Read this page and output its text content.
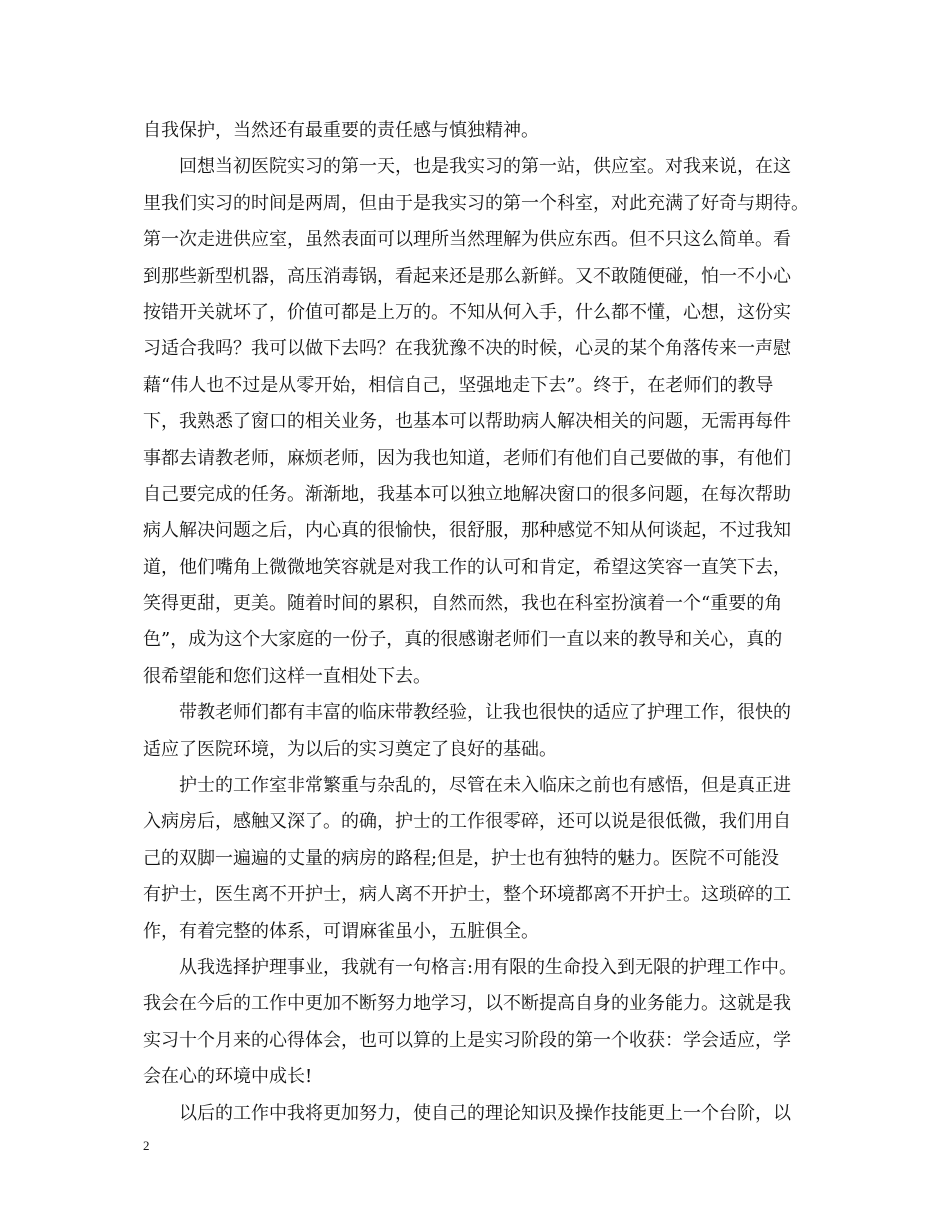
自我保护，当然还有最重要的责任感与慎独精神。
回想当初医院实习的第一天，也是我实习的第一站，供应室。对我来说，在这
里我们实习的时间是两周，但由于是我实习的第一个科室，对此充满了好奇与期待。
第一次走进供应室，虽然表面可以理所当然理解为供应东西。但不只这么简单。看
到那些新型机器，高压消毒锅，看起来还是那么新鲜。又不敢随便碰，怕一不小心
按错开关就坏了，价值可都是上万的。不知从何入手，什么都不懂，心想，这份实
习适合我吗？我可以做下去吗？在我犹豫不决的时候，心灵的某个角落传来一声慰
藉“伟人也不过是从零开始，相信自己，坚强地走下去”。终于，在老师们的教导
下，我熟悉了窗口的相关业务，也基本可以帮助病人解决相关的问题，无需再每件
事都去请教老师，麻烦老师，因为我也知道，老师们有他们自己要做的事，有他们
自己要完成的任务。渐渐地，我基本可以独立地解决窗口的很多问题，在每次帮助
病人解决问题之后，内心真的很愉快，很舒服，那种感觉不知从何谈起，不过我知
道，他们嘴角上微微地笑容就是对我工作的认可和肯定，希望这笑容一直笑下去，
笑得更甜，更美。随着时间的累积，自然而然，我也在科室扮演着一个“重要的角
色”，成为这个大家庭的一份子，真的很感谢老师们一直以来的教导和关心，真的
很希望能和您们这样一直相处下去。
带教老师们都有丰富的临床带教经验，让我也很快的适应了护理工作，很快的
适应了医院环境，为以后的实习奠定了良好的基础。
护士的工作室非常繁重与杂乱的，尽管在未入临床之前也有感悟，但是真正进
入病房后，感触又深了。的确，护士的工作很零碎，还可以说是很低微，我们用自
己的双脚一遍遍的丈量的病房的路程;但是，护士也有独特的魅力。医院不可能没
有护士，医生离不开护士，病人离不开护士，整个环境都离不开护士。这琐碎的工
作，有着完整的体系，可谓麻雀虽小，五脏俱全。
从我选择护理事业，我就有一句格言:用有限的生命投入到无限的护理工作中。
我会在今后的工作中更加不断努力地学习，以不断提高自身的业务能力。这就是我
实习十个月来的心得体会，也可以算的上是实习阶段的第一个收获：学会适应，学
会在心的环境中成长!
以后的工作中我将更加努力，使自己的理论知识及操作技能更上一个台阶，以
2
